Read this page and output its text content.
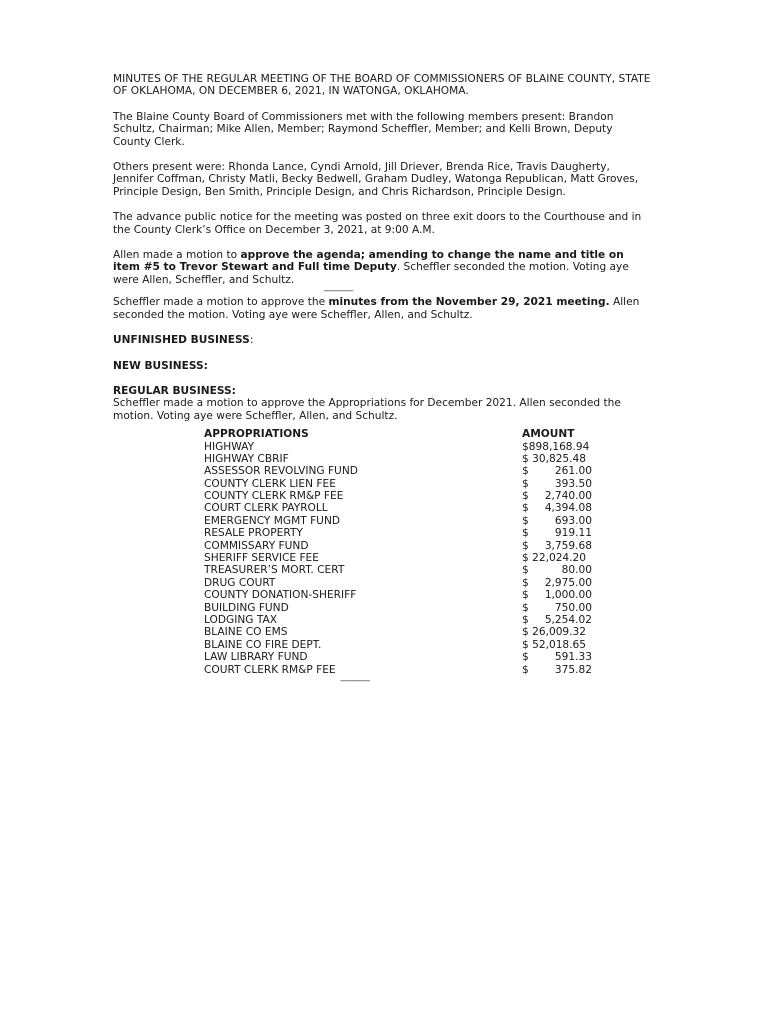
MINUTES OF THE REGULAR MEETING OF THE BOARD OF COMMISSIONERS OF BLAINE COUNTY, STATE OF OKLAHOMA, ON DECEMBER 6, 2021, IN WATONGA, OKLAHOMA.

The Blaine County Board of Commissioners met with the following members present: Brandon Schultz, Chairman; Mike Allen, Member; Raymond Scheffler, Member; and Kelli Brown, Deputy County Clerk.

Others present were: Rhonda Lance, Cyndi Arnold, Jill Driever, Brenda Rice, Travis Daugherty, Jennifer Coffman, Christy Matli, Becky Bedwell, Graham Dudley, Watonga Republican, Matt Groves, Principle Design, Ben Smith, Principle Design, and Chris Richardson, Principle Design.

The advance public notice for the meeting was posted on three exit doors to the Courthouse and in the County Clerk’s Office on December 3, 2021, at 9:00 A.M.

Allen made a motion to approve the agenda; amending to change the name and title on item #5 to Trevor Stewart and Full time Deputy. Scheffler seconded the motion. Voting aye were Allen, Scheffler, and Schultz.
-------------

Scheffler made a motion to approve the minutes from the November 29, 2021 meeting. Allen seconded the motion. Voting aye were Scheffler, Allen, and Schultz.

UNFINISHED BUSINESS:

NEW BUSINESS:

REGULAR BUSINESS:

Scheffler made a motion to approve the Appropriations for December 2021. Allen seconded the motion. Voting aye were Scheffler, Allen, and Schultz.

APPROPRIATIONS	AMOUNT
HIGHWAY	$898,168.94
HIGHWAY CBRIF	$ 30,825.48
ASSESSOR REVOLVING FUND	$	261.00
COUNTY CLERK LIEN FEE	$	393.50
COUNTY CLERK RM&P FEE	$	2,740.00
COURT CLERK PAYROLL	$	4,394.08
EMERGENCY MGMT FUND	$	693.00
RESALE PROPERTY	$	919.11
COMMISSARY FUND	$	3,759.68
SHERIFF SERVICE FEE	$ 22,024.20
TREASURER’S MORT. CERT	$	80.00
DRUG COURT	$	2,975.00
COUNTY DONATION-SHERIFF	$	1,000.00
BUILDING FUND	$	750.00
LODGING TAX	$	5,254.02
BLAINE CO EMS	$ 26,009.32
BLAINE CO FIRE DEPT.	$ 52,018.65
LAW LIBRARY FUND	$	591.33
COURT CLERK RM&P FEE	$	375.82
-------------
